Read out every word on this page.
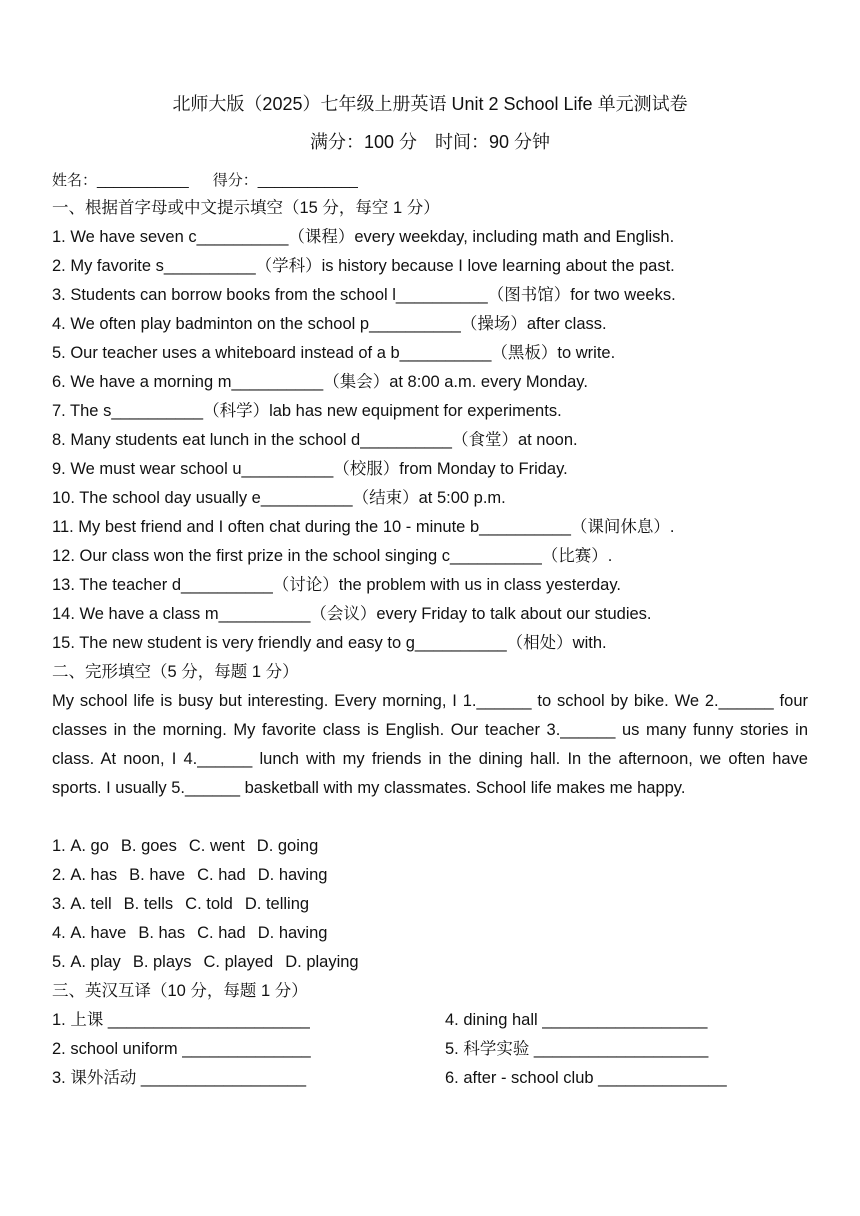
北师大版（2025）七年级上册英语 Unit 2 School Life 单元测试卷
满分：100 分　时间：90 分钟
姓名：___________ 得分：____________
一、根据首字母或中文提示填空（15 分，每空 1 分）
1. We have seven c__________（课程）every weekday, including math and English.
2. My favorite s__________（学科）is history because I love learning about the past.
3. Students can borrow books from the school l__________（图书馆）for two weeks.
4. We often play badminton on the school p__________（操场）after class.
5. Our teacher uses a whiteboard instead of a b__________（黑板）to write.
6. We have a morning m__________（集会）at 8:00 a.m. every Monday.
7. The s__________（科学）lab has new equipment for experiments.
8. Many students eat lunch in the school d__________（食堂）at noon.
9. We must wear school u__________（校服）from Monday to Friday.
10. The school day usually e__________（结束）at 5:00 p.m.
11. My best friend and I often chat during the 10 - minute b__________（课间休息）.
12. Our class won the first prize in the school singing c__________（比赛）.
13. The teacher d__________（讨论）the problem with us in class yesterday.
14. We have a class m__________（会议）every Friday to talk about our studies.
15. The new student is very friendly and easy to g__________（相处）with.
二、完形填空（5 分，每题 1 分）
My school life is busy but interesting. Every morning, I 1.______ to school by bike. We 2.______ four classes in the morning. My favorite class is English. Our teacher 3.______ us many funny stories in class. At noon, I 4.______ lunch with my friends in the dining hall. In the afternoon, we often have sports. I usually 5.______ basketball with my classmates. School life makes me happy.
1. A. go B. goes C. went D. going
2. A. has B. have C. had D. having
3. A. tell B. tells C. told D. telling
4. A. have B. has C. had D. having
5. A. play B. plays C. played D. playing
三、英汉互译（10 分，每题 1 分）
1. 上课 ______________________	4. dining hall __________________
2. school uniform ______________	5. 科学实验 ___________________
3. 课外活动 __________________	6. after - school club ______________
